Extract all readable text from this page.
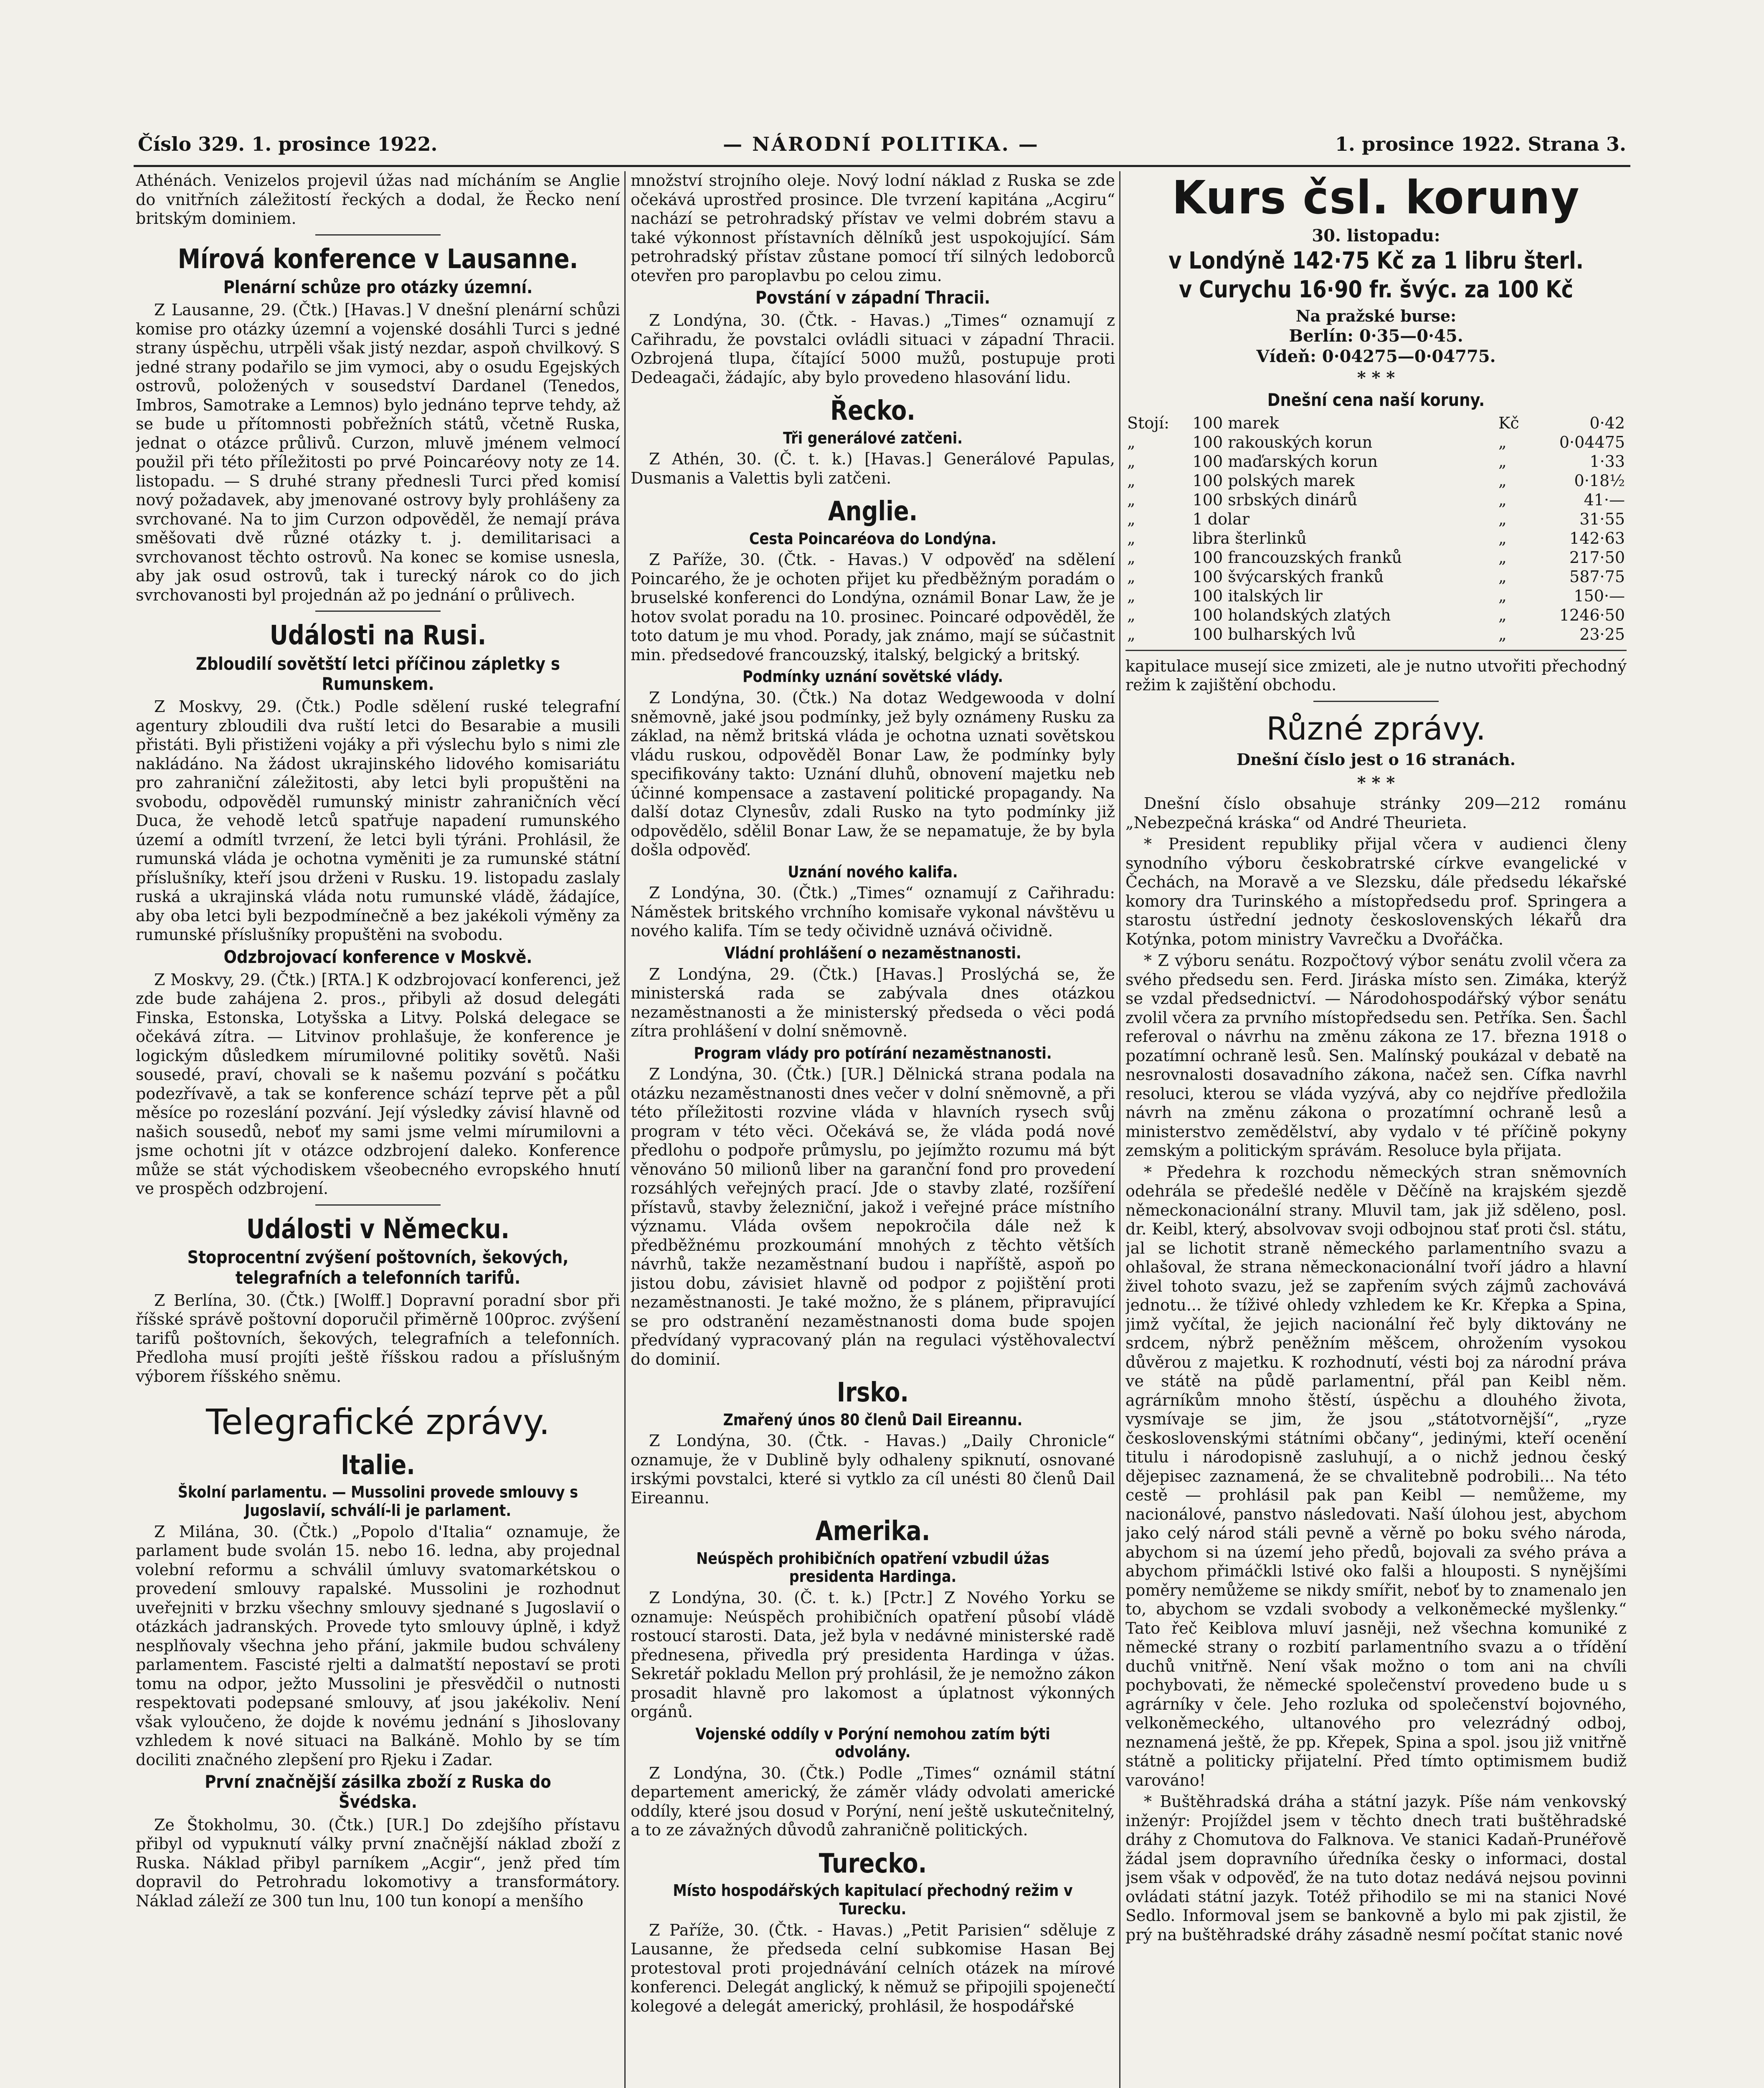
Číslo 329. 1. prosince 1922.	— NÁRODNÍ POLITIKA. —	1. prosince 1922. Strana 3.

Athénách. Venizelos projevil úžas nad mícháním se Anglie do vnitřních záležitostí řeckých a dodal, že Řecko není britským dominiem.

Mírová konference v Lausanne.
Plenární schůze pro otázky územní.

Z Lausanne, 29. (Čtk.) [Havas.] V dnešní plenární schůzi komise pro otázky územní a vojenské dosáhli Turci s jedné strany úspěchu, utrpěli však jistý nezdar, aspoň chvilkový. S jedné strany podařilo se jim vymoci, aby o osudu Egejských ostrovů, položených v sousedství Dardanel (Tenedos, Imbros, Samotrake a Lemnos) bylo jednáno teprve tehdy, až se bude u přítomnosti pobřežních států, včetně Ruska, jednat o otázce průlivů. Curzon, mluvě jménem velmocí použil při této příležitosti po prvé Poincaréovy noty ze 14. listopadu. — S druhé strany přednesli Turci před komisí nový požadavek, aby jmenované ostrovy byly prohlášeny za svrchované. Na to jim Curzon odpověděl, že nemají práva směšovati dvě různé otázky t. j. demilitarisaci a svrchovanost těchto ostrovů. Na konec se komise usnesla, aby jak osud ostrovů, tak i turecký nárok co do jich svrchovanosti byl projednán až po jednání o průlivech.

Události na Rusi.
Zbloudilí sovětští letci příčinou zápletky s Rumunskem.

Z Moskvy, 29. (Čtk.) Podle sdělení ruské telegrafní agentury zbloudili dva ruští letci do Besarabie a musili přistáti. Byli přistiženi vojáky a při výslechu bylo s nimi zle nakládáno. Na žádost ukrajinského lidového komisariátu pro zahraniční záležitosti, aby letci byli propuštěni na svobodu, odpověděl rumunský ministr zahraničních věcí Duca, že vehodě letců spatřuje napadení rumunského území a odmítl tvrzení, že letci byli týráni. Prohlásil, že rumunská vláda je ochotna vyměniti je za rumunské státní příslušníky, kteří jsou drženi v Rusku. 19. listopadu zaslaly ruská a ukrajinská vláda notu rumunské vládě, žádajíce, aby oba letci byli bezpodmínečně a bez jakékoli výměny za rumunské příslušníky propuštěni na svobodu.

Odzbrojovací konference v Moskvě.

Z Moskvy, 29. (Čtk.) [RTA.] K odzbrojovací konferenci, jež zde bude zahájena 2. pros., přibyli až dosud delegáti Finska, Estonska, Lotyšska a Litvy. Polská delegace se očekává zítra. — Litvinov prohlašuje, že konference je logickým důsledkem mírumilovné politiky sovětů. Naši sousedé, praví, chovali se k našemu pozvání s počátku podezřívavě, a tak se konference schází teprve pět a půl měsíce po rozeslání pozvání. Její výsledky závisí hlavně od našich sousedů, neboť my sami jsme velmi mírumilovni a jsme ochotni jít v otázce odzbrojení daleko. Konference může se stát východiskem všeobecného evropského hnutí ve prospěch odzbrojení.

Události v Německu.
Stoprocentní zvýšení poštovních, šekových, telegrafních a telefonních tarifů.

Z Berlína, 30. (Čtk.) [Wolff.] Dopravní poradní sbor při říšské správě poštovní doporučil přiměrně 100proc. zvýšení tarifů poštovních, šekových, telegrafních a telefonních. Předloha musí projíti ještě říšskou radou a příslušným výborem říšského sněmu.

Telegrafické zprávy.
Italie.
Školní parlamentu. — Mussolini provede smlouvy s Jugoslavií, schválí-li je parlament.

Z Milána, 30. (Čtk.) „Popolo d'Italia“ oznamuje, že parlament bude svolán 15. nebo 16. ledna, aby projednal volební reformu a schválil úmluvy svatomarkétskou o provedení smlouvy rapalské. Mussolini je rozhodnut uveřejniti v brzku všechny smlouvy sjednané s Jugoslavií o otázkách jadranských. Provede tyto smlouvy úplně, i když nesplňovaly všechna jeho přání, jakmile budou schváleny parlamentem. Fascisté rjelti a dalmatští nepostaví se proti tomu na odpor, ježto Mussolini je přesvědčil o nutnosti respektovati podepsané smlouvy, ať jsou jakékoliv. Není však vyloučeno, že dojde k novému jednání s Jihoslovany vzhledem k nové situaci na Balkáně. Mohlo by se tím dociliti značného zlepšení pro Rjeku i Zadar.

První značnější zásilka zboží z Ruska do Švédska.

Ze Štokholmu, 30. (Čtk.) [UR.] Do zdejšího přístavu přibyl od vypuknutí války první značnější náklad zboží z Ruska. Náklad přibyl parníkem „Acgir“, jenž před tím dopravil do Petrohradu lokomotivy a transformátory. Náklad záleží ze 300 tun lnu, 100 tun konopí a menšího

množství strojního oleje. Nový lodní náklad z Ruska se zde očekává uprostřed prosince. Dle tvrzení kapitána „Acgiru“ nachází se petrohradský přístav ve velmi dobrém stavu a také výkonnost přístavních dělníků jest uspokojující. Sám petrohradský přístav zůstane pomocí tří silných ledoborců otevřen pro paroplavbu po celou zimu.

Povstání v západní Thracii.

Z Londýna, 30. (Čtk. - Havas.) „Times“ oznamují z Cařihradu, že povstalci ovládli situaci v západní Thracii. Ozbrojená tlupa, čítající 5000 mužů, postupuje proti Dedeagači, žádajíc, aby bylo provedeno hlasování lidu.

Řecko.
Tři generálové zatčeni.

Z Athén, 30. (Č. t. k.) [Havas.] Generálové Papulas, Dusmanis a Valettis byli zatčeni.

Anglie.
Cesta Poincaréova do Londýna.

Z Paříže, 30. (Čtk. - Havas.) V odpověď na sdělení Poincarého, že je ochoten přijet ku předběžným poradám o bruselské konferenci do Londýna, oznámil Bonar Law, že je hotov svolat poradu na 10. prosinec. Poincaré odpověděl, že toto datum je mu vhod. Porady, jak známo, mají se súčastnit min. předsedové francouzský, italský, belgický a britský.

Podmínky uznání sovětské vlády.

Z Londýna, 30. (Čtk.) Na dotaz Wedgewooda v dolní sněmovně, jaké jsou podmínky, jež byly oznámeny Rusku za základ, na němž britská vláda je ochotna uznati sovětskou vládu ruskou, odpověděl Bonar Law, že podmínky byly specifikovány takto: Uznání dluhů, obnovení majetku neb účinné kompensace a zastavení politické propagandy. Na další dotaz Clynesův, zdali Rusko na tyto podmínky již odpovědělo, sdělil Bonar Law, že se nepamatuje, že by byla došla odpověď.

Uznání nového kalifa.

Z Londýna, 30. (Čtk.) „Times“ oznamují z Cařihradu: Náměstek britského vrchního komisaře vykonal návštěvu u nového kalifa. Tím se tedy očividně uznává očividně.

Vládní prohlášení o nezaměstnanosti.

Z Londýna, 29. (Čtk.) [Havas.] Proslýchá se, že ministerská rada se zabývala dnes otázkou nezaměstnanosti a že ministerský předseda o věci podá zítra prohlášení v dolní sněmovně.

Program vlády pro potírání nezaměstnanosti.

Z Londýna, 30. (Čtk.) [UR.] Dělnická strana podala na otázku nezaměstnanosti dnes večer v dolní sněmovně, a při této příležitosti rozvine vláda v hlavních rysech svůj program v této věci. Očekává se, že vláda podá nové předlohu o podpoře průmyslu, po jejímžto rozumu má být věnováno 50 milionů liber na garanční fond pro provedení rozsáhlých veřejných prací. Jde o stavby zlaté, rozšíření přístavů, stavby železniční, jakož i veřejné práce místního významu. Vláda ovšem nepokročila dále než k předběžnému prozkoumání mnohých z těchto větších návrhů, takže nezaměstnaní budou i napříště, aspoň po jistou dobu, závisiet hlavně od podpor z pojištění proti nezaměstnanosti. Je také možno, že s plánem, připravující se pro odstranění nezaměstnanosti doma bude spojen předvídaný vypracovaný plán na regulaci výstěhovalectví do dominií.

Irsko.
Zmařený únos 80 členů Dail Eireannu.

Z Londýna, 30. (Čtk. - Havas.) „Daily Chronicle“ oznamuje, že v Dublině byly odhaleny spiknutí, osnované irskými povstalci, které si vytklo za cíl unésti 80 členů Dail Eireannu.

Amerika.
Neúspěch prohibičních opatření vzbudil úžas presidenta Hardinga.

Z Londýna, 30. (Č. t. k.) [Pctr.] Z Nového Yorku se oznamuje: Neúspěch prohibičních opatření působí vládě rostoucí starosti. Data, jež byla v nedávné ministerské radě přednesena, přivedla prý presidenta Hardinga v úžas. Sekretář pokladu Mellon prý prohlásil, že je nemožno zákon prosadit hlavně pro lakomost a úplatnost výkonných orgánů.

Vojenské oddíly v Porýní nemohou zatím býti odvolány.

Z Londýna, 30. (Čtk.) Podle „Times“ oznámil státní departement americký, že záměr vlády odvolati americké oddíly, které jsou dosud v Porýní, není ještě uskutečnitelný, a to ze závažných důvodů zahraničně politických.

Turecko.
Místo hospodářských kapitulací přechodný režim v Turecku.

Z Paříže, 30. (Čtk. - Havas.) „Petit Parisien“ sděluje z Lausanne, že předseda celní subkomise Hasan Bej protestoval proti projednávání celních otázek na mírové konferenci. Delegát anglický, k němuž se připojili spojenečtí kolegové a delegát americký, prohlásil, že hospodářské

Kurs čsl. koruny
30. listopadu:
v Londýně 142·75 Kč za 1 libru šterl.
v Curychu 16·90 fr. švýc. za 100 Kč
Na pražské burse:
Berlín: 0·35—0·45.
Vídeň: 0·04275—0·04775.
* * *
Dnešní cena naší koruny.
Stojí:	100 marek	Kč	0·42
„	100 rakouských korun	„	0·04475
„	100 maďarských korun	„	1·33
„	100 polských marek	„	0·18½
„	100 srbských dinárů	„	41·—
„	1 dolar	„	31·55
„	libra šterlinků	„	142·63
„	100 francouzských franků	„	217·50
„	100 švýcarských franků	„	587·75
„	100 italských lir	„	150·—
„	100 holandských zlatých	„	1246·50
„	100 bulharských lvů	„	23·25

kapitulace musejí sice zmizeti, ale je nutno utvořiti přechodný režim k zajištění obchodu.

Různé zprávy.
Dnešní číslo jest o 16 stranách.
* * *

Dnešní číslo obsahuje stránky 209—212 románu „Nebezpečná kráska“ od André Theurieta.

* President republiky přijal včera v audienci členy synodního výboru českobratrské církve evangelické v Čechách, na Moravě a ve Slezsku, dále předsedu lékařské komory dra Turinského a místopředsedu prof. Springera a starostu ústřední jednoty československých lékařů dra Kotýnka, potom ministry Vavrečku a Dvořáčka.

* Z výboru senátu. Rozpočtový výbor senátu zvolil včera za svého předsedu sen. Ferd. Jiráska místo sen. Zimáka, kterýž se vzdal předsednictví. — Národohospodářský výbor senátu zvolil včera za prvního místopředsedu sen. Petříka. Sen. Šachl referoval o návrhu na změnu zákona ze 17. března 1918 o pozatímní ochraně lesů. Sen. Malínský poukázal v debatě na nesrovnalosti dosavadního zákona, načež sen. Cífka navrhl resoluci, kterou se vláda vyzývá, aby co nejdříve předložila návrh na změnu zákona o prozatímní ochraně lesů a ministerstvo zemědělství, aby vydalo v té příčině pokyny zemským a politickým správám. Resoluce byla přijata.

* Předehra k rozchodu německých stran sněmovních odehrála se předešlé neděle v Děčíně na krajském sjezdě německonacionální strany. Mluvil tam, jak již sděleno, posl. dr. Keibl, který, absolvovav svoji odbojnou stať proti čsl. státu, jal se lichotit straně německého parlamentního svazu a ohlašoval, že strana německonacionální tvoří jádro a hlavní živel tohoto svazu, jež se zapřením svých zájmů zachovává jednotu... že tíživé ohledy vzhledem ke Kr. Křepka a Spina, jimž vyčítal, že jejich nacionální řeč byly diktovány ne srdcem, nýbrž peněžním měšcem, ohrožením vysokou důvěrou z majetku. K rozhodnutí, vésti boj za národní práva ve státě na půdě parlamentní, přál pan Keibl něm. agrárníkům mnoho štěstí, úspěchu a dlouhého života, vysmívaje se jim, že jsou „státotvornější“, „ryze československými státními občany“, jedinými, kteří ocenění titulu i národopisně zasluhují, a o nichž jednou český dějepisec zaznamená, že se chvalitebně podrobili... Na této cestě — prohlásil pak pan Keibl — nemůžeme, my nacionálové, panstvo následovati. Naší úlohou jest, abychom jako celý národ stáli pevně a věrně po boku svého národa, abychom si na území jeho předů, bojovali za svého práva a abychom přimáčkli lstivé oko falši a hlouposti. S nynějšími poměry nemůžeme se nikdy smířit, neboť by to znamenalo jen to, abychom se vzdali svobody a velkoněmecké myšlenky.“ Tato řeč Keiblova mluví jasněji, než všechna komuniké z německé strany o rozbití parlamentního svazu a o třídění duchů vnitřně. Není však možno o tom ani na chvíli pochybovati, že německé společenství provedeno bude u s agrárníky v čele. Jeho rozluka od společenství bojovného, velkoněmeckého, ultanového pro velezrádný odboj, neznamená ještě, že pp. Křepek, Spina a spol. jsou již vnitřně státně a politicky přijatelní. Před tímto optimismem budiž varováno!

* Buštěhradská dráha a státní jazyk. Píše nám venkovský inženýr: Projíždel jsem v těchto dnech trati buštěhradské dráhy z Chomutova do Falknova. Ve stanici Kadaň-Prunéřově žádal jsem dopravního úředníka česky o informaci, dostal jsem však v odpověď, že na tuto dotaz nedává nejsou povinni ovládati státní jazyk. Totéž přihodilo se mi na stanici Nové Sedlo. Informoval jsem se bankovně a bylo mi pak zjistil, že prý na buštěhradské dráhy zásadně nesmí počítat stanic nové
